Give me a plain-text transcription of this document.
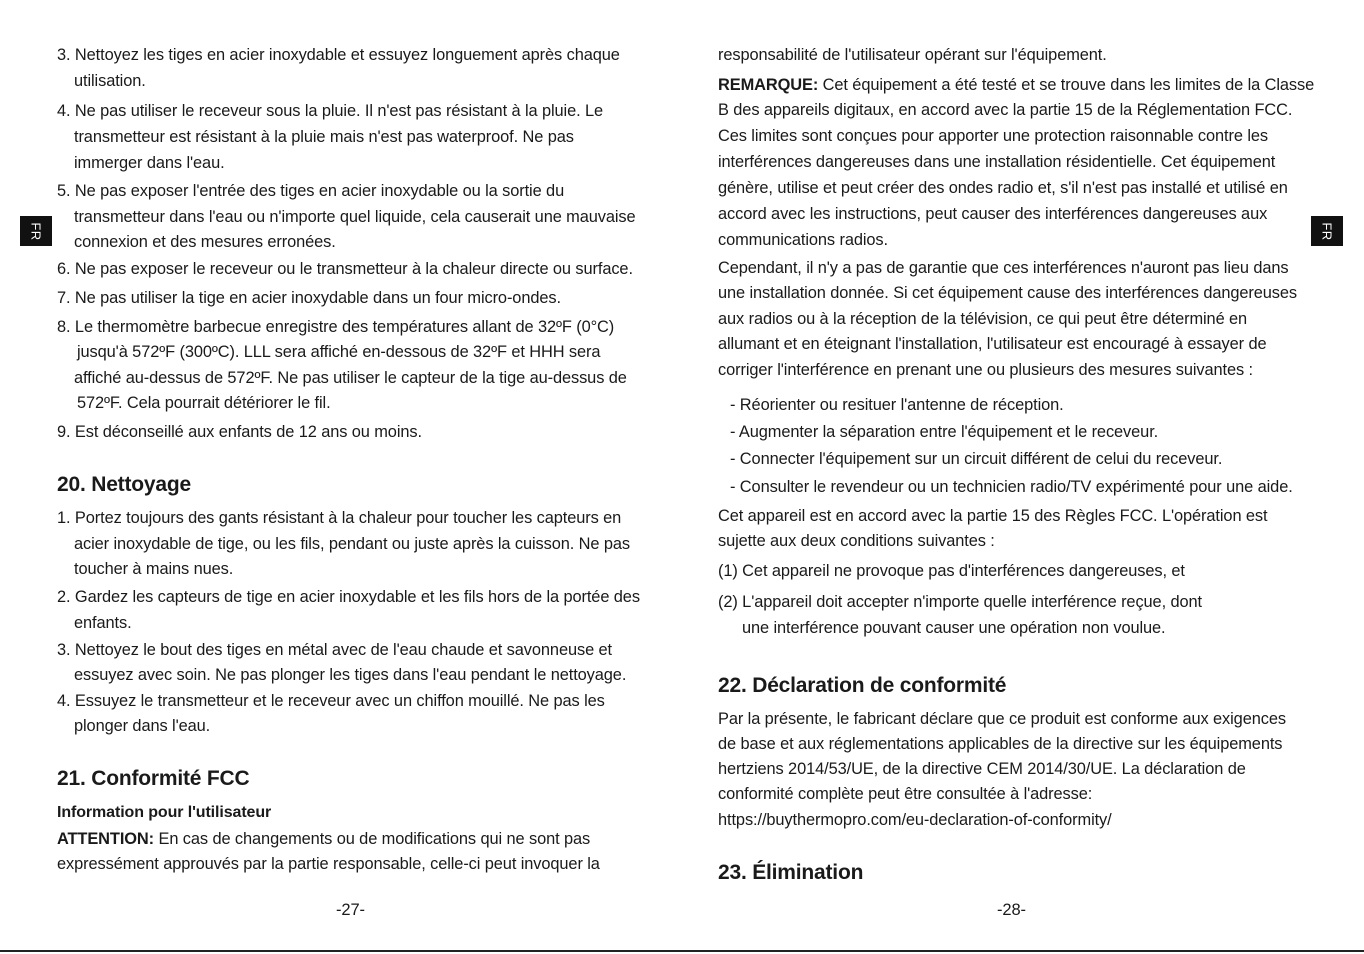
FR	FR
3. Nettoyez les tiges en acier inoxydable et essuyez longuement après chaque
utilisation.
4. Ne pas utiliser le receveur sous la pluie. Il n'est pas résistant à la pluie. Le
transmetteur est résistant à la pluie mais n'est pas waterproof. Ne pas
immerger dans l'eau.
5. Ne pas exposer l'entrée des tiges en acier inoxydable ou la sortie du
transmetteur dans l'eau ou n'importe quel liquide, cela causerait une mauvaise
connexion et des mesures erronées.
6. Ne pas exposer le receveur ou le transmetteur à la chaleur directe ou surface.
7. Ne pas utiliser la tige en acier inoxydable dans un four micro-ondes.
8. Le thermomètre barbecue enregistre des températures allant de 32ºF (0°C)
jusqu'à 572ºF (300ºC). LLL sera affiché en-dessous de 32ºF et HHH sera
affiché au-dessus de 572ºF. Ne pas utiliser le capteur de la tige au-dessus de
572ºF. Cela pourrait détériorer le fil.
9. Est déconseillé aux enfants de 12 ans ou moins.
20. Nettoyage
1. Portez toujours des gants résistant à la chaleur pour toucher les capteurs en
acier inoxydable de tige, ou les fils, pendant ou juste après la cuisson. Ne pas
toucher à mains nues.
2. Gardez les capteurs de tige en acier inoxydable et les fils hors de la portée des
enfants.
3. Nettoyez le bout des tiges en métal avec de l'eau chaude et savonneuse et
essuyez avec soin. Ne pas plonger les tiges dans l'eau pendant le nettoyage.
4. Essuyez le transmetteur et le receveur avec un chiffon mouillé. Ne pas les
plonger dans l'eau.
21. Conformité FCC
Information pour l'utilisateur
ATTENTION: En cas de changements ou de modifications qui ne sont pas
expressément approuvés par la partie responsable, celle-ci peut invoquer la
-27-
responsabilité de l'utilisateur opérant sur l'équipement.
REMARQUE: Cet équipement a été testé et se trouve dans les limites de la Classe
B des appareils digitaux, en accord avec la partie 15 de la Réglementation FCC.
Ces limites sont conçues pour apporter une protection raisonnable contre les
interférences dangereuses dans une installation résidentielle. Cet équipement
génère, utilise et peut créer des ondes radio et, s'il n'est pas installé et utilisé en
accord avec les instructions, peut causer des interférences dangereuses aux
communications radios.
Cependant, il n'y a pas de garantie que ces interférences n'auront pas lieu dans
une installation donnée. Si cet équipement cause des interférences dangereuses
aux radios ou à la réception de la télévision, ce qui peut être déterminé en
allumant et en éteignant l'installation, l'utilisateur est encouragé à essayer de
corriger l'interférence en prenant une ou plusieurs des mesures suivantes :
- Réorienter ou resituer l'antenne de réception.
- Augmenter la séparation entre l'équipement et le receveur.
- Connecter l'équipement sur un circuit différent de celui du receveur.
- Consulter le revendeur ou un technicien radio/TV expérimenté pour une aide.
Cet appareil est en accord avec la partie 15 des Règles FCC. L'opération est
sujette aux deux conditions suivantes :
(1) Cet appareil ne provoque pas d'interférences dangereuses, et
(2) L'appareil doit accepter n'importe quelle interférence reçue, dont
une interférence pouvant causer une opération non voulue.
22. Déclaration de conformité
Par la présente, le fabricant déclare que ce produit est conforme aux exigences
de base et aux réglementations applicables de la directive sur les équipements
hertziens 2014/53/UE, de la directive CEM 2014/30/UE. La déclaration de
conformité complète peut être consultée à l'adresse:
https://buythermopro.com/eu-declaration-of-conformity/
23. Élimination
-28-
